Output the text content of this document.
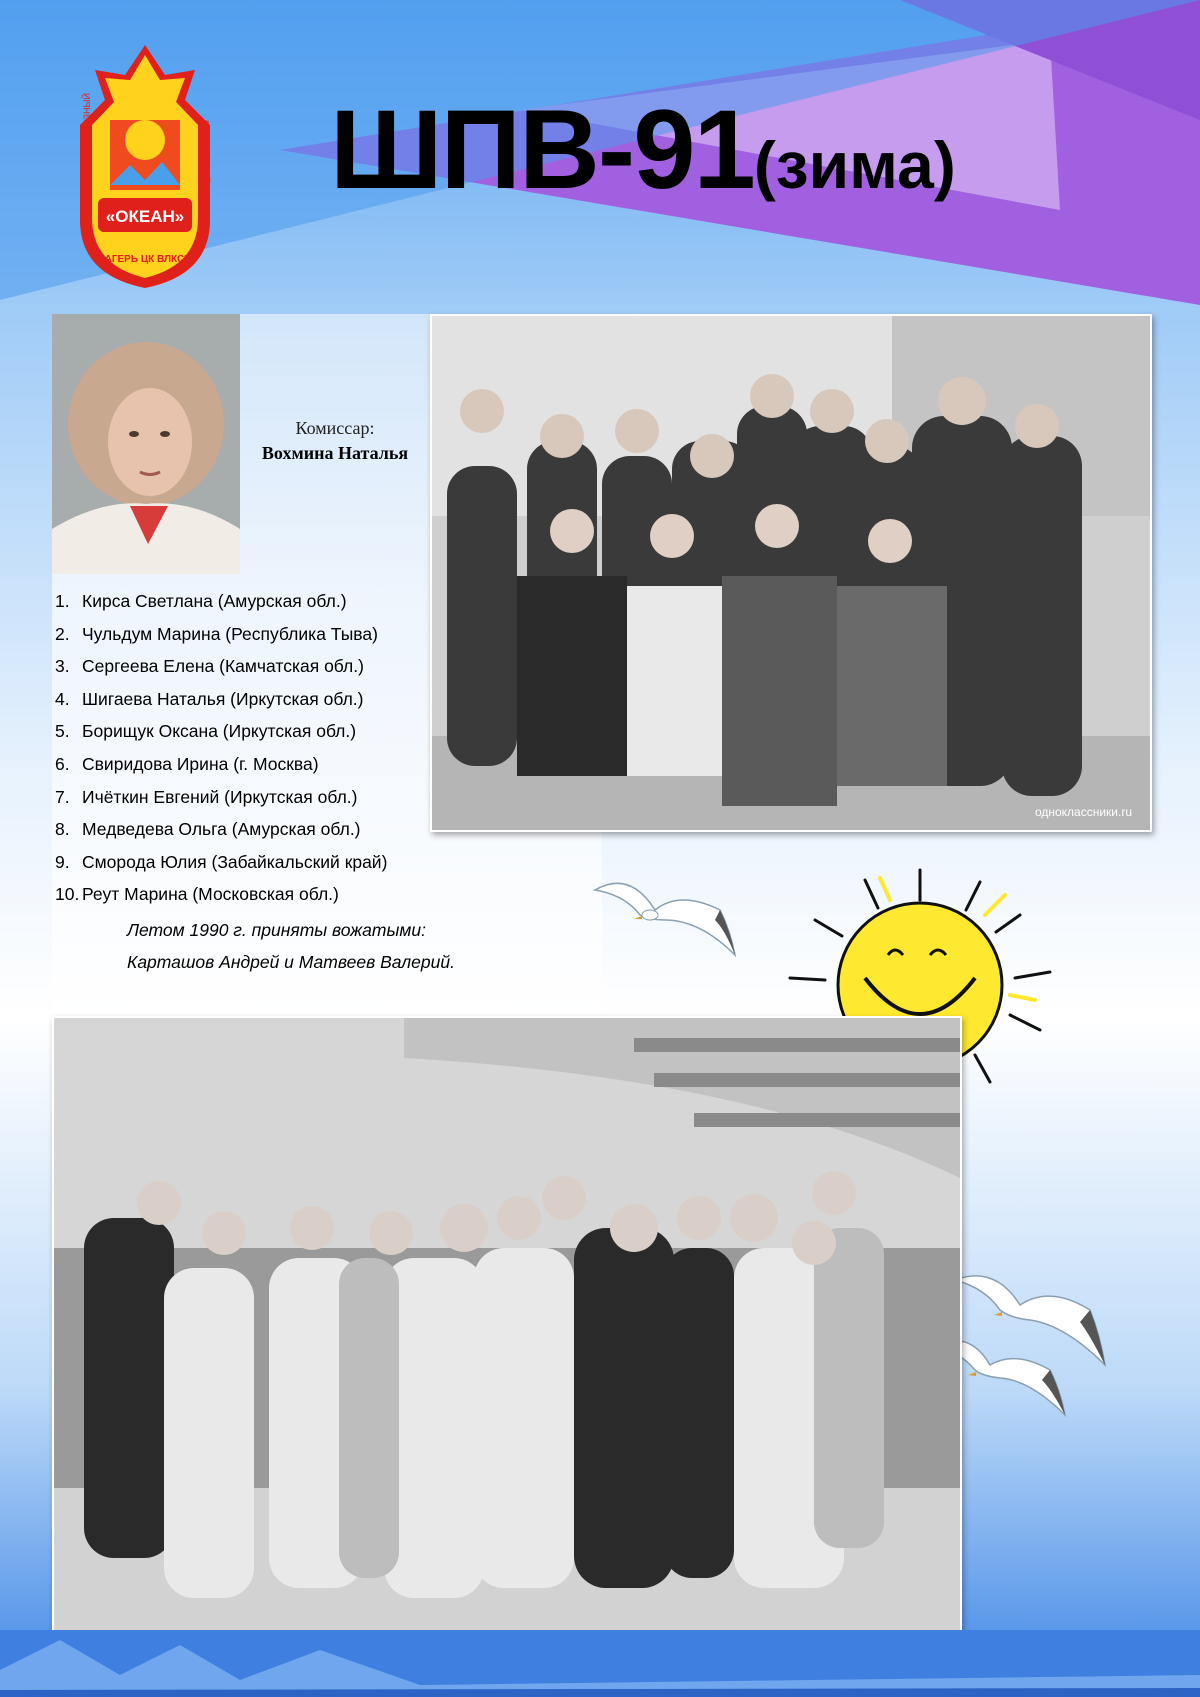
«ОКЕАН»
ВСЕСОЮЗНЫЙ	ПИОНЕРСКИЙ
ЛАГЕРЬ ЦК ВЛКСМ
ШПВ-91(зима)
Комиссар:
Вохмина Наталья
1. Кирса Светлана (Амурская обл.)
2. Чульдум Марина (Республика Тыва)
3. Сергеева Елена (Камчатская обл.)
4. Шигаева Наталья (Иркутская обл.)
5. Борищук Оксана (Иркутская обл.)
6. Свиридова Ирина (г. Москва)
7. Ичёткин Евгений (Иркутская обл.)
8. Медведева Ольга (Амурская обл.)
9. Сморода Юлия (Забайкальский край)
10. Реут Марина (Московская обл.)
Летом 1990 г. приняты вожатыми:
Карташов Андрей и Матвеев Валерий.
одноклассники.ru
